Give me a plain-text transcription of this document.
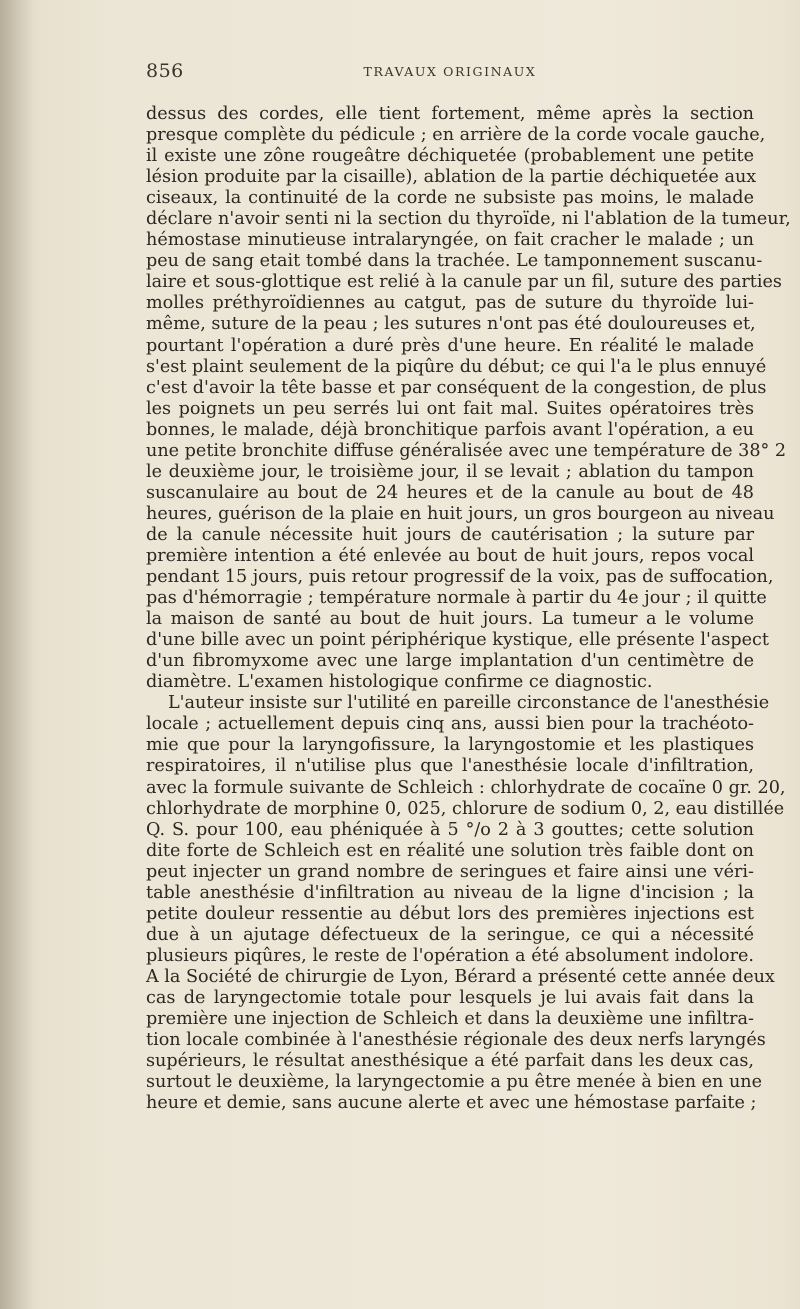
856	TRAVAUX ORIGINAUX
dessus des cordes, elle tient fortement, même après la section
presque complète du pédicule ; en arrière de la corde vocale gauche,
il existe une zône rougeâtre déchiquetée (probablement une petite
lésion produite par la cisaille), ablation de la partie déchiquetée aux
ciseaux, la continuité de la corde ne subsiste pas moins, le malade
déclare n'avoir senti ni la section du thyroïde, ni l'ablation de la tumeur,
hémostase minutieuse intralaryngée, on fait cracher le malade ; un
peu de sang etait tombé dans la trachée. Le tamponnement suscanu-
laire et sous-glottique est relié à la canule par un fil, suture des parties
molles préthyroïdiennes au catgut, pas de suture du thyroïde lui-
même, suture de la peau ; les sutures n'ont pas été douloureuses et,
pourtant l'opération a duré près d'une heure. En réalité le malade
s'est plaint seulement de la piqûre du début; ce qui l'a le plus ennuyé
c'est d'avoir la tête basse et par conséquent de la congestion, de plus
les poignets un peu serrés lui ont fait mal. Suites opératoires très
bonnes, le malade, déjà bronchitique parfois avant l'opération, a eu
une petite bronchite diffuse généralisée avec une température de 38° 2
le deuxième jour, le troisième jour, il se levait ; ablation du tampon
suscanulaire au bout de 24 heures et de la canule au bout de 48
heures, guérison de la plaie en huit jours, un gros bourgeon au niveau
de la canule nécessite huit jours de cautérisation ; la suture par
première intention a été enlevée au bout de huit jours, repos vocal
pendant 15 jours, puis retour progressif de la voix, pas de suffocation,
pas d'hémorragie ; température normale à partir du 4e jour ; il quitte
la maison de santé au bout de huit jours. La tumeur a le volume
d'une bille avec un point périphérique kystique, elle présente l'aspect
d'un fibromyxome avec une large implantation d'un centimètre de
diamètre. L'examen histologique confirme ce diagnostic.
L'auteur insiste sur l'utilité en pareille circonstance de l'anesthésie
locale ; actuellement depuis cinq ans, aussi bien pour la trachéoto-
mie que pour la laryngofissure, la laryngostomie et les plastiques
respiratoires, il n'utilise plus que l'anesthésie locale d'infiltration,
avec la formule suivante de Schleich : chlorhydrate de cocaïne 0 gr. 20,
chlorhydrate de morphine 0, 025, chlorure de sodium 0, 2, eau distillée
Q. S. pour 100, eau phéniquée à 5 °/o 2 à 3 gouttes; cette solution
dite forte de Schleich est en réalité une solution très faible dont on
peut injecter un grand nombre de seringues et faire ainsi une véri-
table anesthésie d'infiltration au niveau de la ligne d'incision ; la
petite douleur ressentie au début lors des premières injections est
due à un ajutage défectueux de la seringue, ce qui a nécessité
plusieurs piqûres, le reste de l'opération a été absolument indolore.
A la Société de chirurgie de Lyon, Bérard a présenté cette année deux
cas de laryngectomie totale pour lesquels je lui avais fait dans la
première une injection de Schleich et dans la deuxième une infiltra-
tion locale combinée à l'anesthésie régionale des deux nerfs laryngés
supérieurs, le résultat anesthésique a été parfait dans les deux cas,
surtout le deuxième, la laryngectomie a pu être menée à bien en une
heure et demie, sans aucune alerte et avec une hémostase parfaite ;
